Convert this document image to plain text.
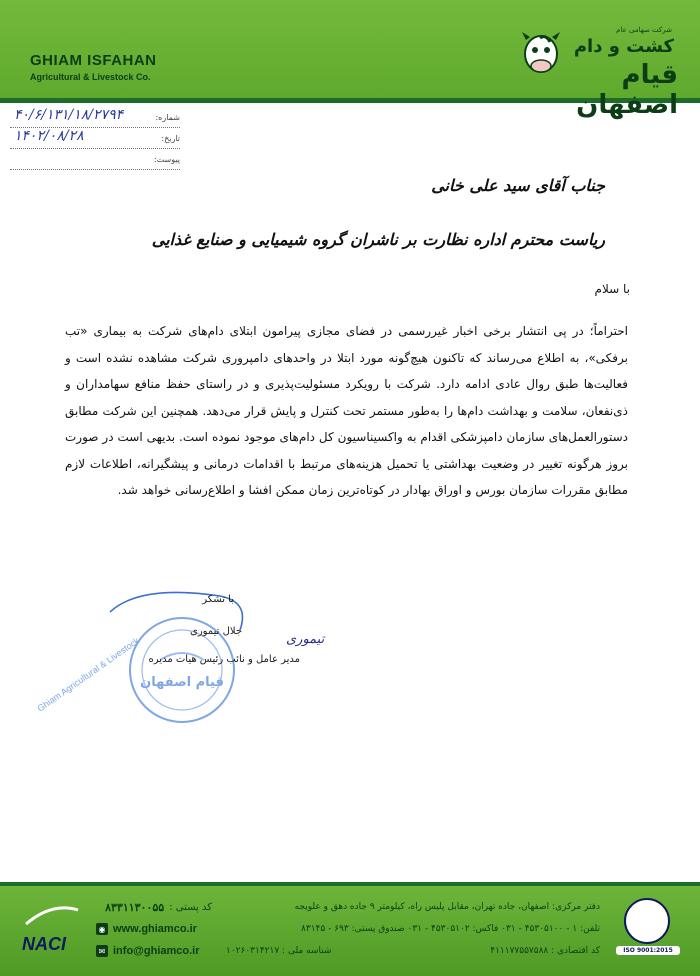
GHIAM ISFAHAN
Agricultural & Livestock Co.
شرکت سهامی عام
کشت و دام
قیام اصفهان
شماره:
۴۰/۶/۱۳۱/۱۸/۲۷۹۴
تاریخ:
۱۴۰۲/۰۸/۲۸
پیوست:
جناب آقای سید علی خانی
ریاست محترم اداره نظارت بر ناشران گروه شیمیایی و صنایع غذایی
با سلام
احتراماً؛ در پی انتشار برخی اخبار غیررسمی در فضای مجازی پیرامون ابتلای دام‌های شرکت به بیماری «تب برفکی»، به اطلاع می‌رساند که تاکنون هیچ‌گونه مورد ابتلا در واحدهای دامپروری شرکت مشاهده نشده است و فعالیت‌ها طبق روال عادی ادامه دارد. شرکت با رویکرد مسئولیت‌پذیری و در راستای حفظ منافع سهامداران و ذی‌نفعان، سلامت و بهداشت دام‌ها را به‌طور مستمر تحت کنترل و پایش قرار می‌دهد. همچنین این شرکت مطابق دستورالعمل‌های سازمان دامپزشکی اقدام به واکسیناسیون کل دام‌های موجود نموده است. بدیهی است در صورت بروز هرگونه تغییر در وضعیت بهداشتی یا تحمیل هزینه‌های مرتبط با اقدامات درمانی و پیشگیرانه، اطلاعات لازم مطابق مقررات سازمان بورس و اوراق بهادار در کوتاه‌ترین زمان ممکن افشا و اطلاع‌رسانی خواهد شد.
Ghiam Agricultural & Livestock قیام اصفهان
با تشکر
جلال تیموری
مدیر عامل و نائب رئیس هیات مدیره
تیموری
NACI
کد پستی :
۸۳۳۱۱۳۰۰۵۵
◉ www.ghiamco.ir
✉ info@ghiamco.ir
دفتر مرکزی: اصفهان، جاده تهران، مقابل پلیس راه، کیلومتر ۹ جاده دهق و علویجه
تلفن: ۱ - ۴۵۳۰۵۱۰۰ - ۰۳۱ فاکس: ۴۵۳۰۵۱۰۲ - ۰۳۱ صندوق پستی: ۶۹۳ - ۸۳۱۴۵
کد اقتصادی : ۴۱۱۱۷۷۵۵۷۵۸۸
شناسه ملی : ۱۰۲۶۰۳۱۴۲۱۷	ISO 9001:2015
